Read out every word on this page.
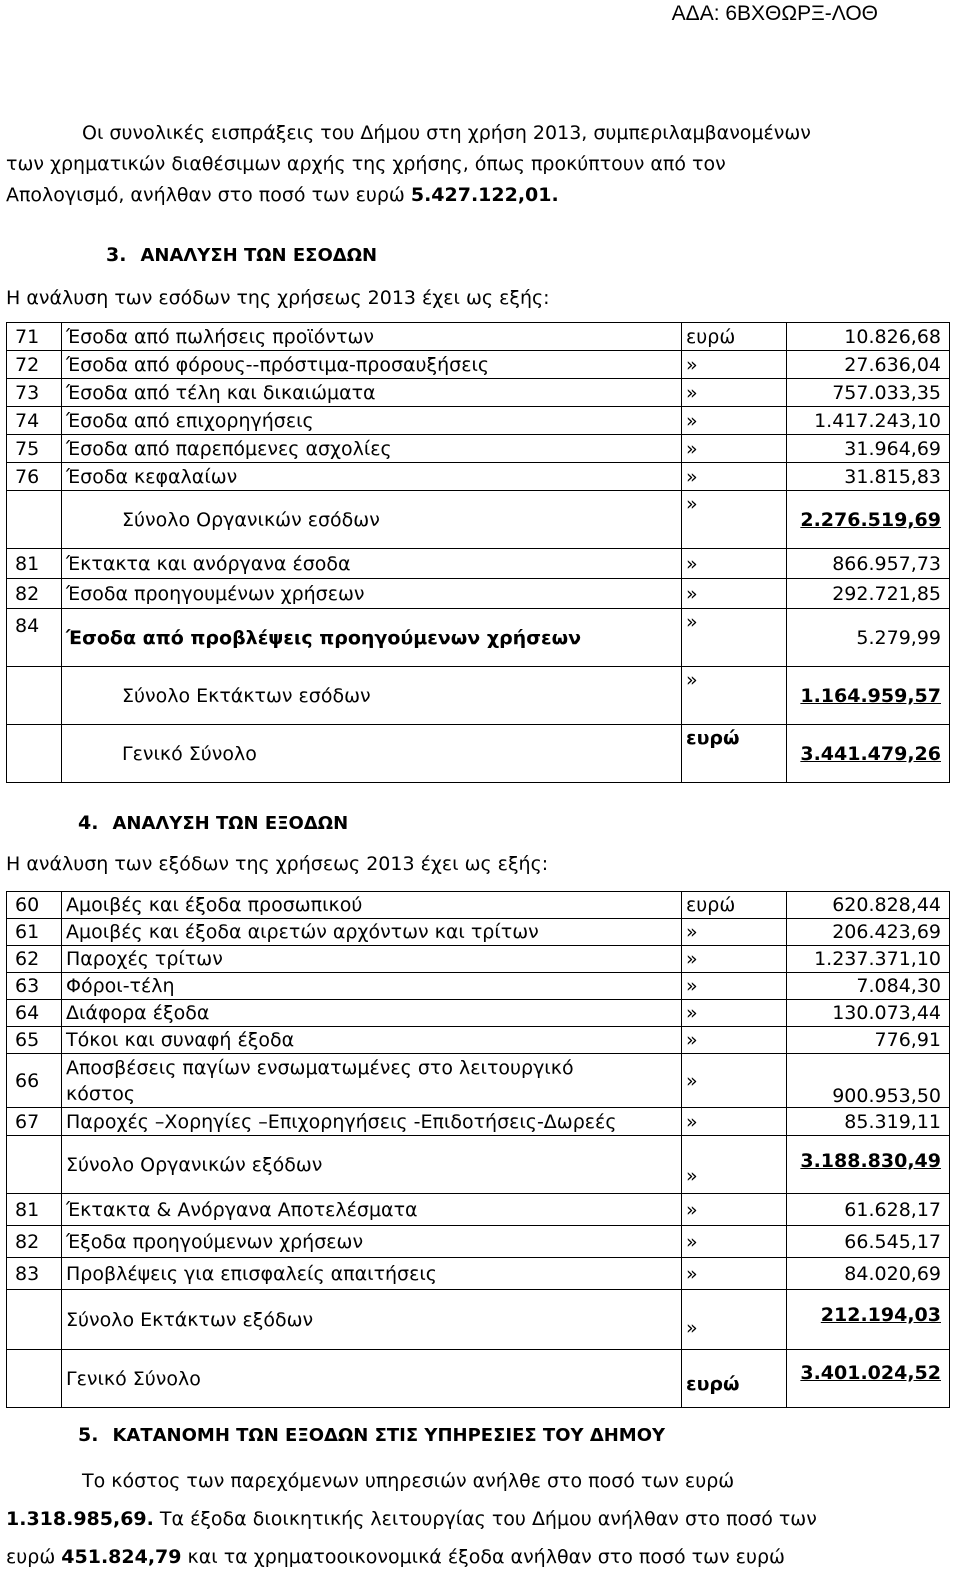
ΑΔΑ: 6ΒΧΘΩΡΞ-ΛΟΘ
Οι συνολικές εισπράξεις του Δήμου στη χρήση 2013, συμπεριλαμβανομένων
των χρηματικών διαθέσιμων αρχής της χρήσης, όπως προκύπτουν από τον
Απολογισμό, ανήλθαν στο ποσό των ευρώ 5.427.122,01.
3. ΑΝΑΛΥΣΗ ΤΩΝ ΕΣΟΔΩΝ
Η ανάλυση των εσόδων της χρήσεως 2013 έχει ως εξής:
71	Έσοδα από πωλήσεις προϊόντων	ευρώ	10.826,68
72	Έσοδα από φόρους--πρόστιμα-προσαυξήσεις	»	27.636,04
73	Έσοδα από τέλη και δικαιώματα	»	757.033,35
74	Έσοδα από επιχορηγήσεις	»	1.417.243,10
75	Έσοδα από παρεπόμενες ασχολίες	»	31.964,69
76	Έσοδα κεφαλαίων	»	31.815,83
	Σύνολο Οργανικών εσόδων	»	2.276.519,69
81	Έκτακτα και ανόργανα έσοδα	»	866.957,73
82	Έσοδα προηγουμένων χρήσεων	»	292.721,85
84	Έσοδα από προβλέψεις προηγούμενων χρήσεων	»	5.279,99
	Σύνολο Εκτάκτων εσόδων	»	1.164.959,57
	Γενικό Σύνολο	ευρώ	3.441.479,26
4. ΑΝΑΛΥΣΗ ΤΩΝ ΕΞΟΔΩΝ
Η ανάλυση των εξόδων της χρήσεως 2013 έχει ως εξής:
60	Αμοιβές και έξοδα προσωπικού	ευρώ	620.828,44
61	Αμοιβές και έξοδα αιρετών αρχόντων και τρίτων	»	206.423,69
62	Παροχές τρίτων	»	1.237.371,10
63	Φόροι-τέλη	»	7.084,30
64	Διάφορα έξοδα	»	130.073,44
65	Τόκοι και συναφή έξοδα	»	776,91
66	Αποσβέσεις παγίων ενσωματωμένες στο λειτουργικό κόστος	»	900.953,50
67	Παροχές –Χορηγίες –Επιχορηγήσεις -Επιδοτήσεις-Δωρεές	»	85.319,11
	Σύνολο Οργανικών εξόδων	»	3.188.830,49
81	Έκτακτα & Ανόργανα Αποτελέσματα	»	61.628,17
82	Έξοδα προηγούμενων χρήσεων	»	66.545,17
83	Προβλέψεις για επισφαλείς απαιτήσεις	»	84.020,69
	Σύνολο Εκτάκτων εξόδων	»	212.194,03
	Γενικό Σύνολο	ευρώ	3.401.024,52
5. ΚΑΤΑΝΟΜΗ ΤΩΝ ΕΞΟΔΩΝ ΣΤΙΣ ΥΠΗΡΕΣΙΕΣ ΤΟΥ ΔΗΜΟΥ
Το κόστος των παρεχόμενων υπηρεσιών ανήλθε στο ποσό των ευρώ
1.318.985,69. Τα έξοδα διοικητικής λειτουργίας του Δήμου ανήλθαν στο ποσό των
ευρώ 451.824,79 και τα χρηματοοικονομικά έξοδα ανήλθαν στο ποσό των ευρώ
